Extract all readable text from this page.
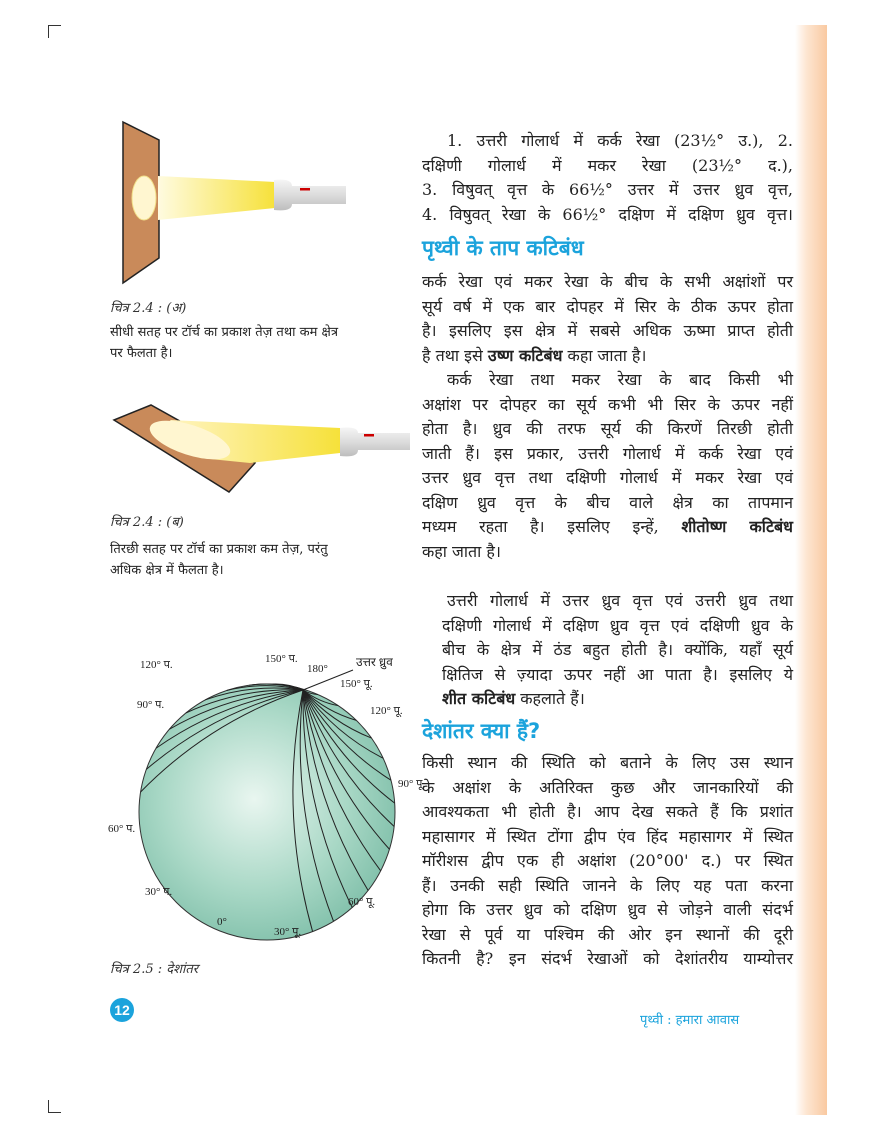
1. उत्तरी गोलार्ध में कर्क रेखा (23½° उ.), 2.
दक्षिणी गोलार्ध में मकर रेखा (23½° द.),
3. विषुवत् वृत्त के 66½° उत्तर में उत्तर ध्रुव वृत्त,
4. विषुवत् रेखा के 66½° दक्षिण में दक्षिण ध्रुव वृत्त।
पृथ्वी के ताप कटिबंध
कर्क रेखा एवं मकर रेखा के बीच के सभी अक्षांशों पर
सूर्य वर्ष में एक बार दोपहर में सिर के ठीक ऊपर होता
है। इसलिए इस क्षेत्र में सबसे अधिक ऊष्मा प्राप्त होती
है तथा इसे उष्ण कटिबंध कहा जाता है।
कर्क रेखा तथा मकर रेखा के बाद किसी भी
अक्षांश पर दोपहर का सूर्य कभी भी सिर के ऊपर नहीं
होता है। ध्रुव की तरफ सूर्य की किरणें तिरछी होती
जाती हैं। इस प्रकार, उत्तरी गोलार्ध में कर्क रेखा एवं
उत्तर ध्रुव वृत्त तथा दक्षिणी गोलार्ध में मकर रेखा एवं
दक्षिण ध्रुव वृत्त के बीच वाले क्षेत्र का तापमान
मध्यम रहता है। इसलिए इन्हें, शीतोष्ण कटिबंध
कहा जाता है।
उत्तरी गोलार्ध में उत्तर ध्रुव वृत्त एवं उत्तरी ध्रुव तथा
दक्षिणी गोलार्ध में दक्षिण ध्रुव वृत्त एवं दक्षिणी ध्रुव के
बीच के क्षेत्र में ठंड बहुत होती है। क्योंकि, यहाँ सूर्य
क्षितिज से ज़्यादा ऊपर नहीं आ पाता है। इसलिए ये
शीत कटिबंध कहलाते हैं।
देशांतर क्या हैं?
किसी स्थान की स्थिति को बताने के लिए उस स्थान
के अक्षांश के अतिरिक्त कुछ और जानकारियों की
आवश्यकता भी होती है। आप देख सकते हैं कि प्रशांत
महासागर में स्थित टोंगा द्वीप एंव हिंद महासागर में स्थित
मॉरीशस द्वीप एक ही अक्षांश (20°00' द.) पर स्थित
हैं। उनकी सही स्थिति जानने के लिए यह पता करना
होगा कि उत्तर ध्रुव को दक्षिण ध्रुव से जोड़ने वाली संदर्भ
रेखा से पूर्व या पश्चिम की ओर इन स्थानों की दूरी
कितनी है? इन संदर्भ रेखाओं को देशांतरीय याम्योत्तर
चित्र 2.4 : (अ)
सीधी सतह पर टॉर्च का प्रकाश तेज़ तथा कम क्षेत्र
पर फैलता है।
चित्र 2.4 : (ब)
तिरछी सतह पर टॉर्च का प्रकाश कम तेज़, परंतु
अधिक क्षेत्र में फैलता है।
120° प.	150° प.
180° उत्तर ध्रुव
150° पू.
90° प.	120° पू.
90° पू.
60° प.
30° प.
60° पू.
0°
30° पू.
चित्र 2.5 : देशांतर
12
पृथ्वी : हमारा आवास
